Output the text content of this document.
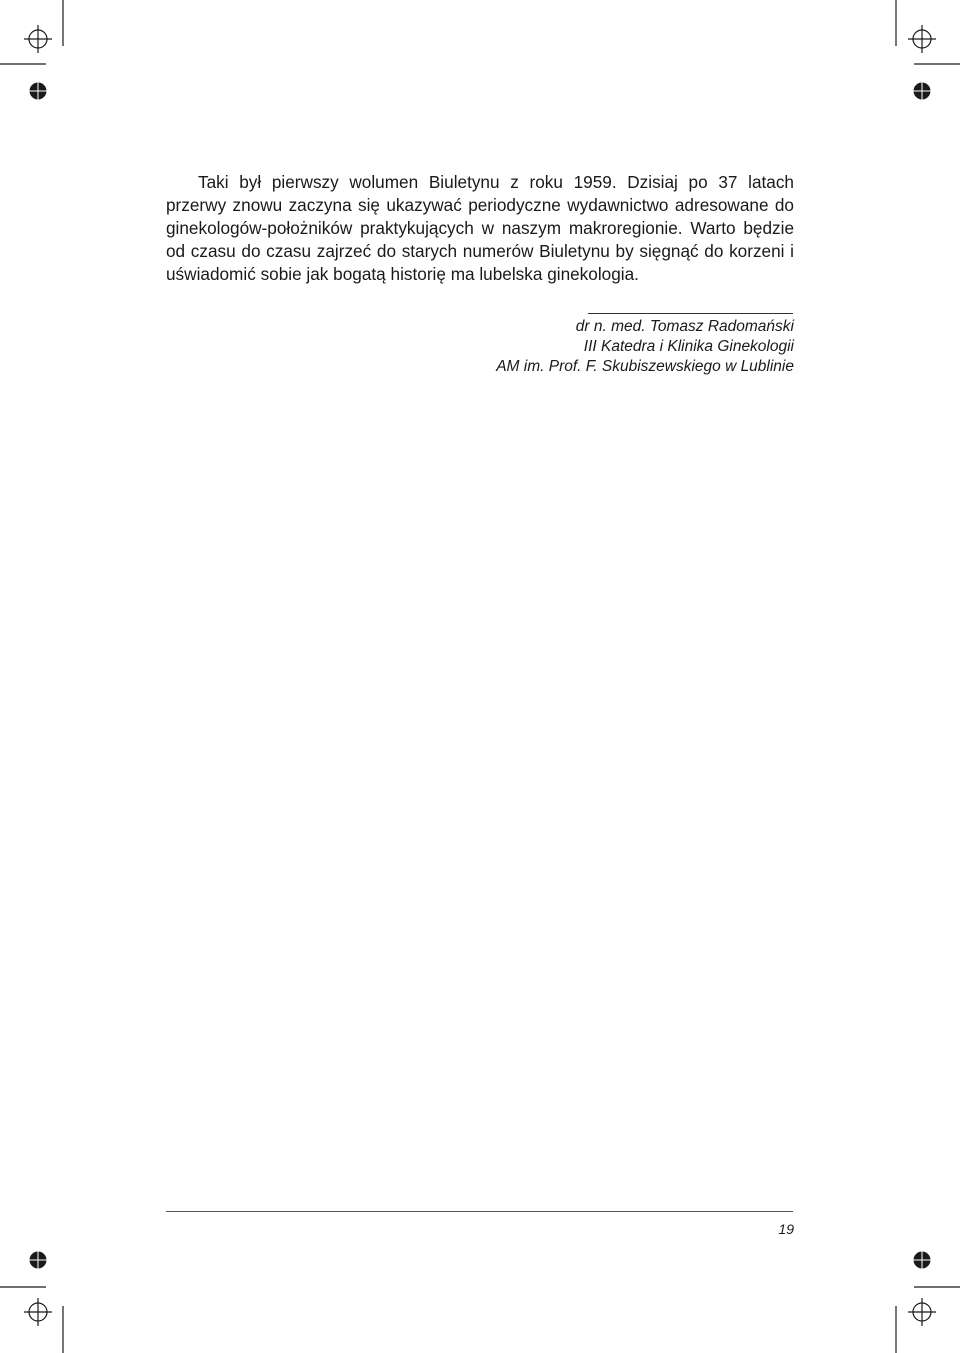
Taki był pierwszy wolumen Biuletynu z roku 1959. Dzisiaj po 37 latach przerwy znowu zaczyna się ukazywać periodyczne wydawnictwo adresowane do ginekologów-położników praktykujących w naszym makroregionie. Warto będzie od czasu do czasu zajrzeć do starych numerów Biuletynu by sięgnąć do korzeni i uświadomić sobie jak bogatą historię ma lubelska ginekologia.

dr n. med. Tomasz Radomański
III Katedra i Klinika Ginekologii
AM im. Prof. F. Skubiszewskiego w Lublinie
19
